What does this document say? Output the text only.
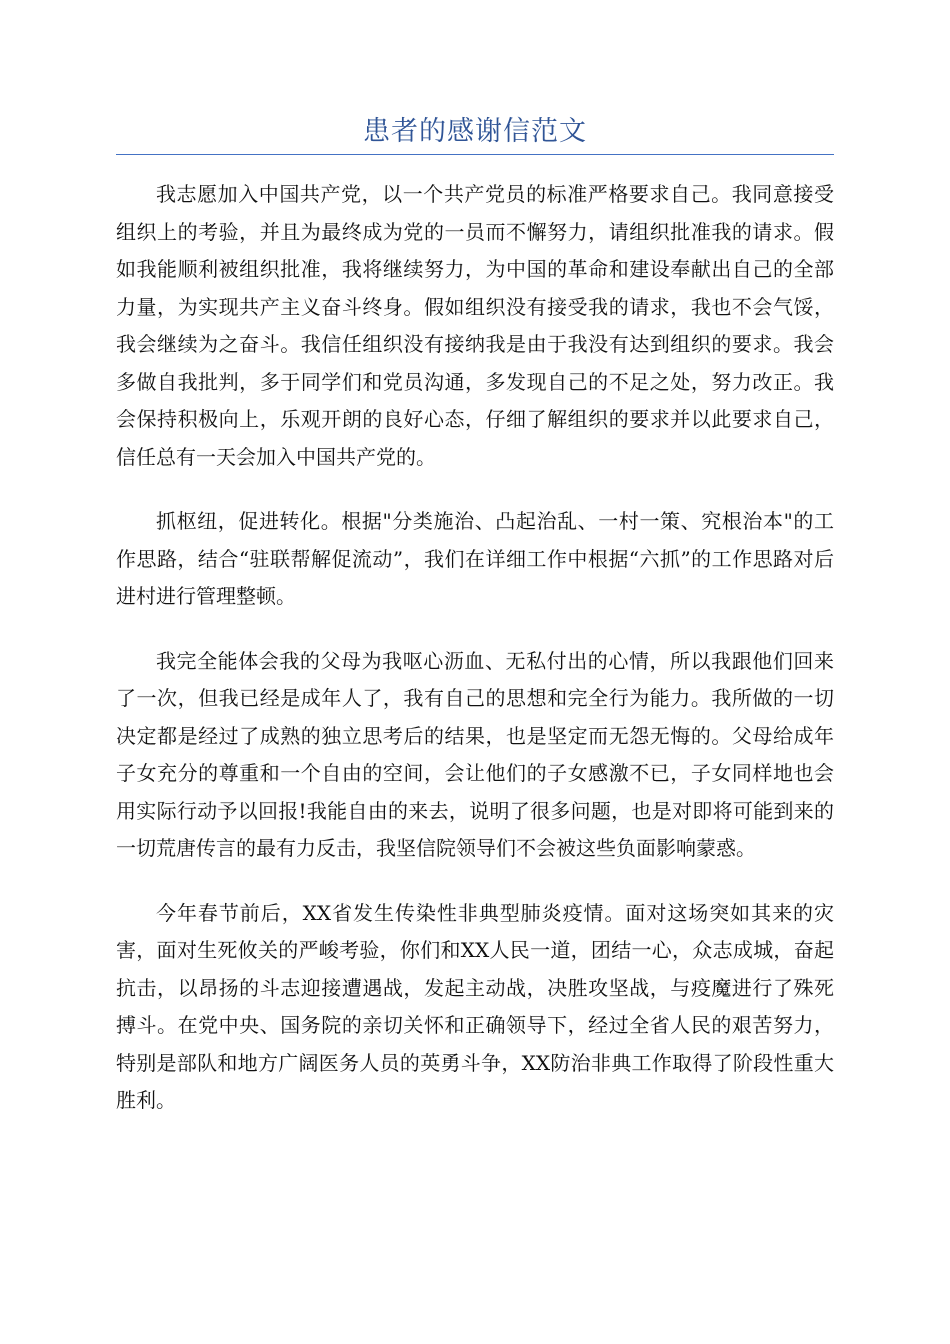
患者的感谢信范文

我志愿加入中国共产党，以一个共产党员的标准严格要求自己。我同意接受组织上的考验，并且为最终成为党的一员而不懈努力，请组织批准我的请求。假如我能顺利被组织批准，我将继续努力，为中国的革命和建设奉献出自己的全部力量，为实现共产主义奋斗终身。假如组织没有接受我的请求，我也不会气馁，我会继续为之奋斗。我信任组织没有接纳我是由于我没有达到组织的要求。我会多做自我批判，多于同学们和党员沟通，多发现自己的不足之处，努力改正。我会保持积极向上，乐观开朗的良好心态，仔细了解组织的要求并以此要求自己，信任总有一天会加入中国共产党的。

抓枢纽，促进转化。根据"分类施治、凸起治乱、一村一策、究根治本"的工作思路，结合“驻联帮解促流动”，我们在详细工作中根据“六抓”的工作思路对后进村进行管理整顿。

我完全能体会我的父母为我呕心沥血、无私付出的心情，所以我跟他们回来了一次，但我已经是成年人了，我有自己的思想和完全行为能力。我所做的一切决定都是经过了成熟的独立思考后的结果，也是坚定而无怨无悔的。父母给成年子女充分的尊重和一个自由的空间，会让他们的子女感激不已，子女同样地也会用实际行动予以回报!我能自由的来去，说明了很多问题，也是对即将可能到来的一切荒唐传言的最有力反击，我坚信院领导们不会被这些负面影响蒙惑。

今年春节前后，XX省发生传染性非典型肺炎疫情。面对这场突如其来的灾害，面对生死攸关的严峻考验，你们和XX人民一道，团结一心，众志成城，奋起抗击，以昂扬的斗志迎接遭遇战，发起主动战，决胜攻坚战，与疫魔进行了殊死搏斗。在党中央、国务院的亲切关怀和正确领导下，经过全省人民的艰苦努力，特别是部队和地方广阔医务人员的英勇斗争，XX防治非典工作取得了阶段性重大胜利。
